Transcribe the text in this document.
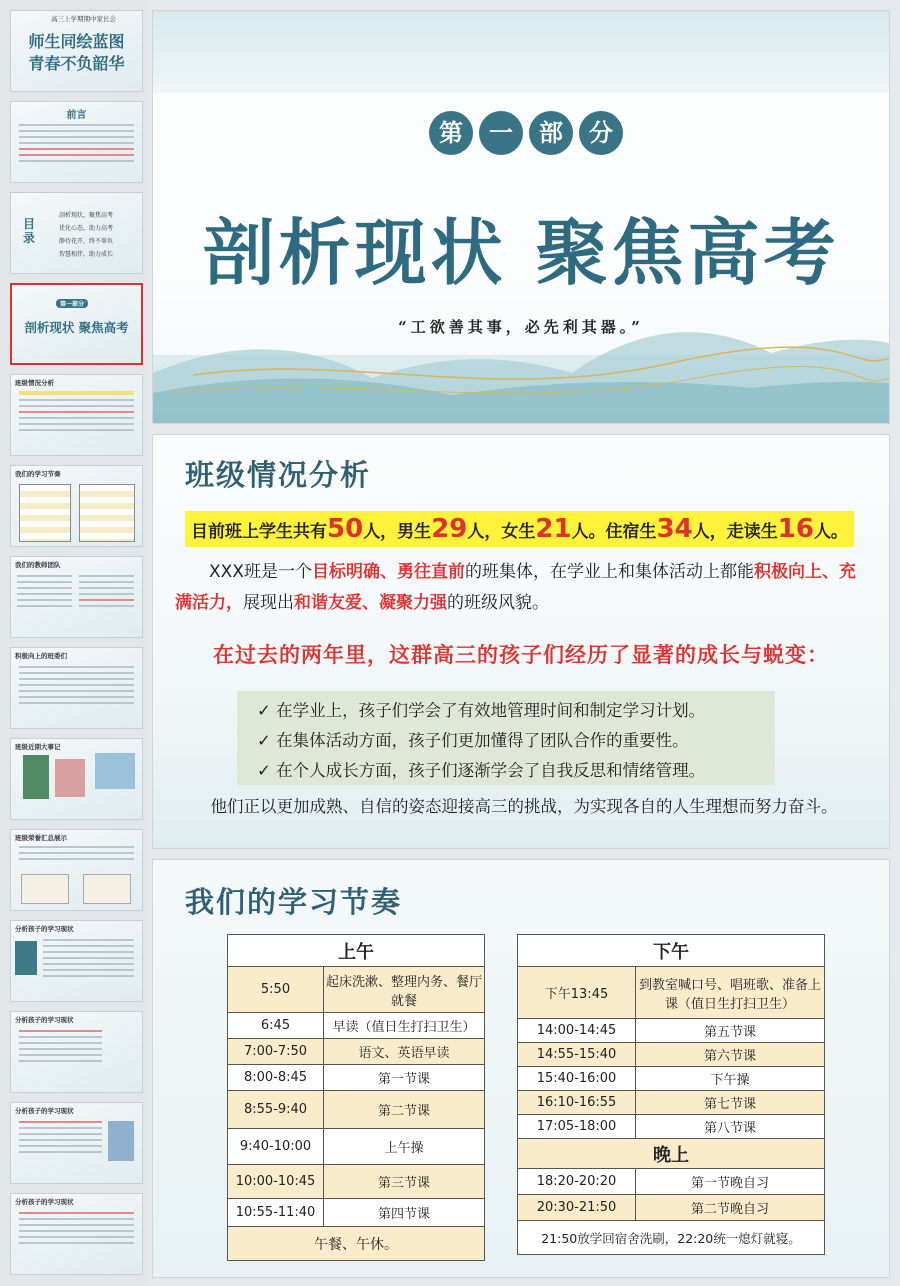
高三上学期期中家长会
师生同绘蓝图
青春不负韶华
前言
目录
剖析现状，聚焦高考
优化心态，助力高考
静待花开，终不辜负
智慧相伴，助力成长
第一部分
剖析现状 聚焦高考
班级情况分析
我们的学习节奏
我们的教师团队
积极向上的班委们
班级近期大事记
班级荣誉汇总展示
分析孩子的学习现状
分析孩子的学习现状
分析孩子的学习现状
分析孩子的学习现状
第	一	部	分
剖析现状 聚焦高考
“工欲善其事，必先利其器。”
班级情况分析
目前班上学生共有50人，男生29人，女生21人。住宿生34人，走读生16人。
XXX班是一个目标明确、勇往直前的班集体，在学业上和集体活动上都能积极向上、充满活力，展现出和谐友爱、凝聚力强的班级风貌。
在过去的两年里，这群高三的孩子们经历了显著的成长与蜕变：
✓ 在学业上，孩子们学会了有效地管理时间和制定学习计划。
✓ 在集体活动方面，孩子们更加懂得了团队合作的重要性。
✓ 在个人成长方面，孩子们逐渐学会了自我反思和情绪管理。
他们正以更加成熟、自信的姿态迎接高三的挑战，为实现各自的人生理想而努力奋斗。
我们的学习节奏
上午	
5:50	起床洗漱、整理内务、餐厅就餐
6:45	早读（值日生打扫卫生）
7:00-7:50	语文、英语早读
8:00-8:45	第一节课
8:55-9:40	第二节课
9:40-10:00	上午操
10:00-10:45	第三节课
10:55-11:40	第四节课
午餐、午休。	
下午	
下午13:45	到教室喊口号、唱班歌、准备上课（值日生打扫卫生）
14:00-14:45	第五节课
14:55-15:40	第六节课
15:40-16:00	下午操
16:10-16:55	第七节课
17:05-18:00	第八节课
晚上	
18:20-20:20	第一节晚自习
20:30-21:50	第二节晚自习
21:50放学回宿舍洗刷，22:20统一熄灯就寝。	
